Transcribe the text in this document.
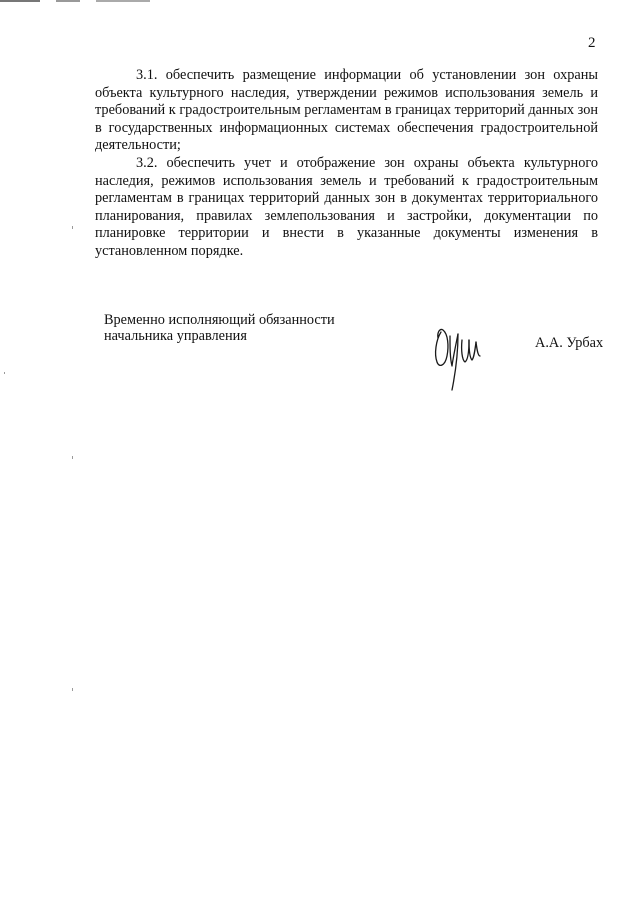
2

3.1. обеспечить размещение информации об установлении зон охраны объекта культурного наследия, утверждении режимов использования земель и требований к градостроительным регламентам в границах территорий данных зон в государственных информационных системах обеспечения градостроительной деятельности;

3.2. обеспечить учет и отображение зон охраны объекта культурного наследия, режимов использования земель и требований к градостроительным регламентам в границах территорий данных зон в документах территориального планирования, правилах землепользования и застройки, документации по планировке территории и внести в указанные документы изменения в установленном порядке.

Временно исполняющий обязанности
начальника управления	А.А. Урбах
